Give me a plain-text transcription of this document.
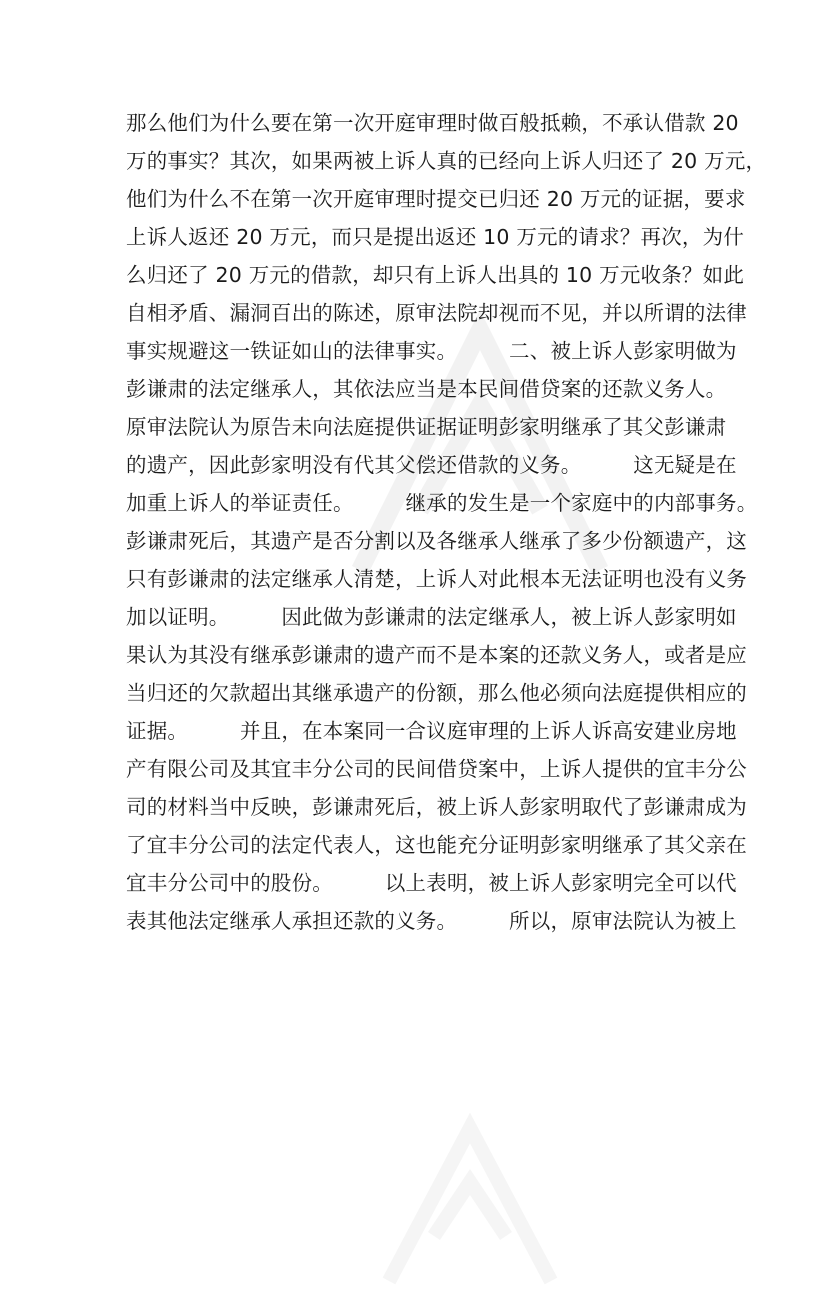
那么他们为什么要在第一次开庭审理时做百般抵赖，不承认借款 20
万的事实？其次，如果两被上诉人真的已经向上诉人归还了 20 万元，
他们为什么不在第一次开庭审理时提交已归还 20 万元的证据，要求
上诉人返还 20 万元，而只是提出返还 10 万元的请求？再次，为什
么归还了 20 万元的借款，却只有上诉人出具的 10 万元收条？如此
自相矛盾、漏洞百出的陈述，原审法院却视而不见，并以所谓的法律
事实规避这一铁证如山的法律事实。　　　二、被上诉人彭家明做为
彭谦肃的法定继承人，其依法应当是本民间借贷案的还款义务人。
原审法院认为原告未向法庭提供证据证明彭家明继承了其父彭谦肃
的遗产，因此彭家明没有代其父偿还借款的义务。　　　这无疑是在
加重上诉人的举证责任。　　　继承的发生是一个家庭中的内部事务。
彭谦肃死后，其遗产是否分割以及各继承人继承了多少份额遗产，这
只有彭谦肃的法定继承人清楚，上诉人对此根本无法证明也没有义务
加以证明。　　　因此做为彭谦肃的法定继承人，被上诉人彭家明如
果认为其没有继承彭谦肃的遗产而不是本案的还款义务人，或者是应
当归还的欠款超出其继承遗产的份额，那么他必须向法庭提供相应的
证据。　　　并且，在本案同一合议庭审理的上诉人诉高安建业房地
产有限公司及其宜丰分公司的民间借贷案中，上诉人提供的宜丰分公
司的材料当中反映，彭谦肃死后，被上诉人彭家明取代了彭谦肃成为
了宜丰分公司的法定代表人，这也能充分证明彭家明继承了其父亲在
宜丰分公司中的股份。　　　以上表明，被上诉人彭家明完全可以代
表其他法定继承人承担还款的义务。　　　所以，原审法院认为被上
